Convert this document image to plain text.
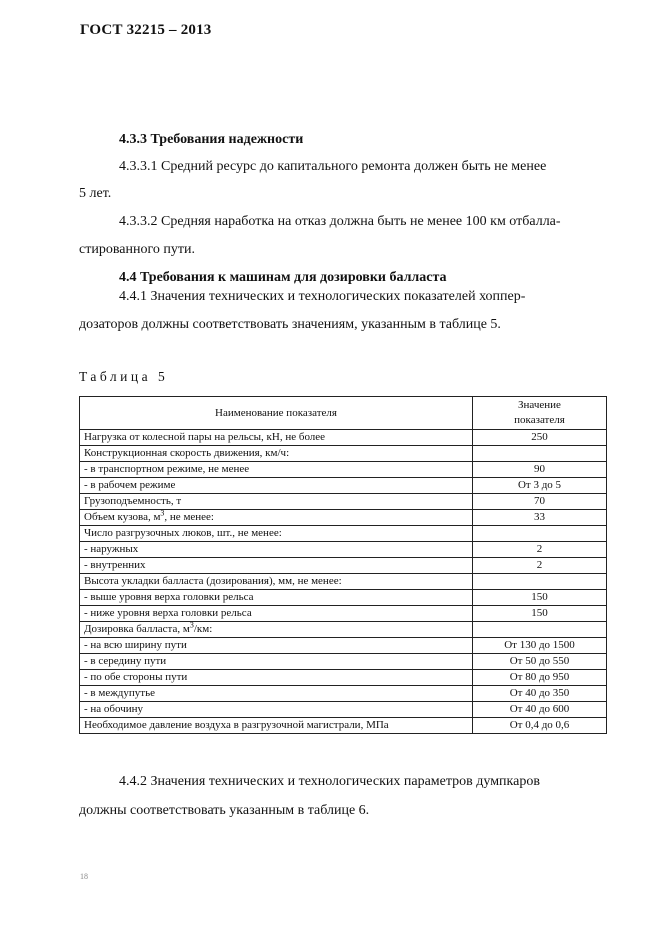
ГОСТ 32215 – 2013
4.3.3 Требования надежности
4.3.3.1 Средний ресурс до капитального ремонта должен быть не менее
5 лет.
4.3.3.2 Средняя наработка на отказ должна быть не менее 100 км отбалла-
стированного пути.
4.4 Требования к машинам для дозировки балласта
4.4.1 Значения технических и технологических показателей хоппер-
дозаторов должны соответствовать значениям, указанным в таблице 5.
Таблица 5
Наименование показателя	Значение
показателя

Нагрузка от колесной пары на рельсы, кН, не более	250
Конструкционная скорость движения, км/ч:	
- в транспортном режиме, не менее	90
- в рабочем режиме	От 3 до 5
Грузоподъемность, т	70
Объем кузова, $м^3$, не менее:	33
Число разгрузочных люков, шт., не менее:	
- наружных	2
- внутренних	2
Высота укладки балласта (дозирования), мм, не менее:	
- выше уровня верха головки рельса	150
- ниже уровня верха головки рельса	150
Дозировка балласта, $м^3/км$:	
- на всю ширину пути	От 130 до 1500
- в середину пути	От 50 до 550
- по обе стороны пути	От 80 до 950
- в междупутье	От 40 до 350
- на обочину	От 40 до 600
Необходимое давление воздуха в разгрузочной магистрали, МПа	От 0,4 до 0,6
4.4.2 Значения технических и технологических параметров думпкаров
должны соответствовать указанным в таблице 6.
18
